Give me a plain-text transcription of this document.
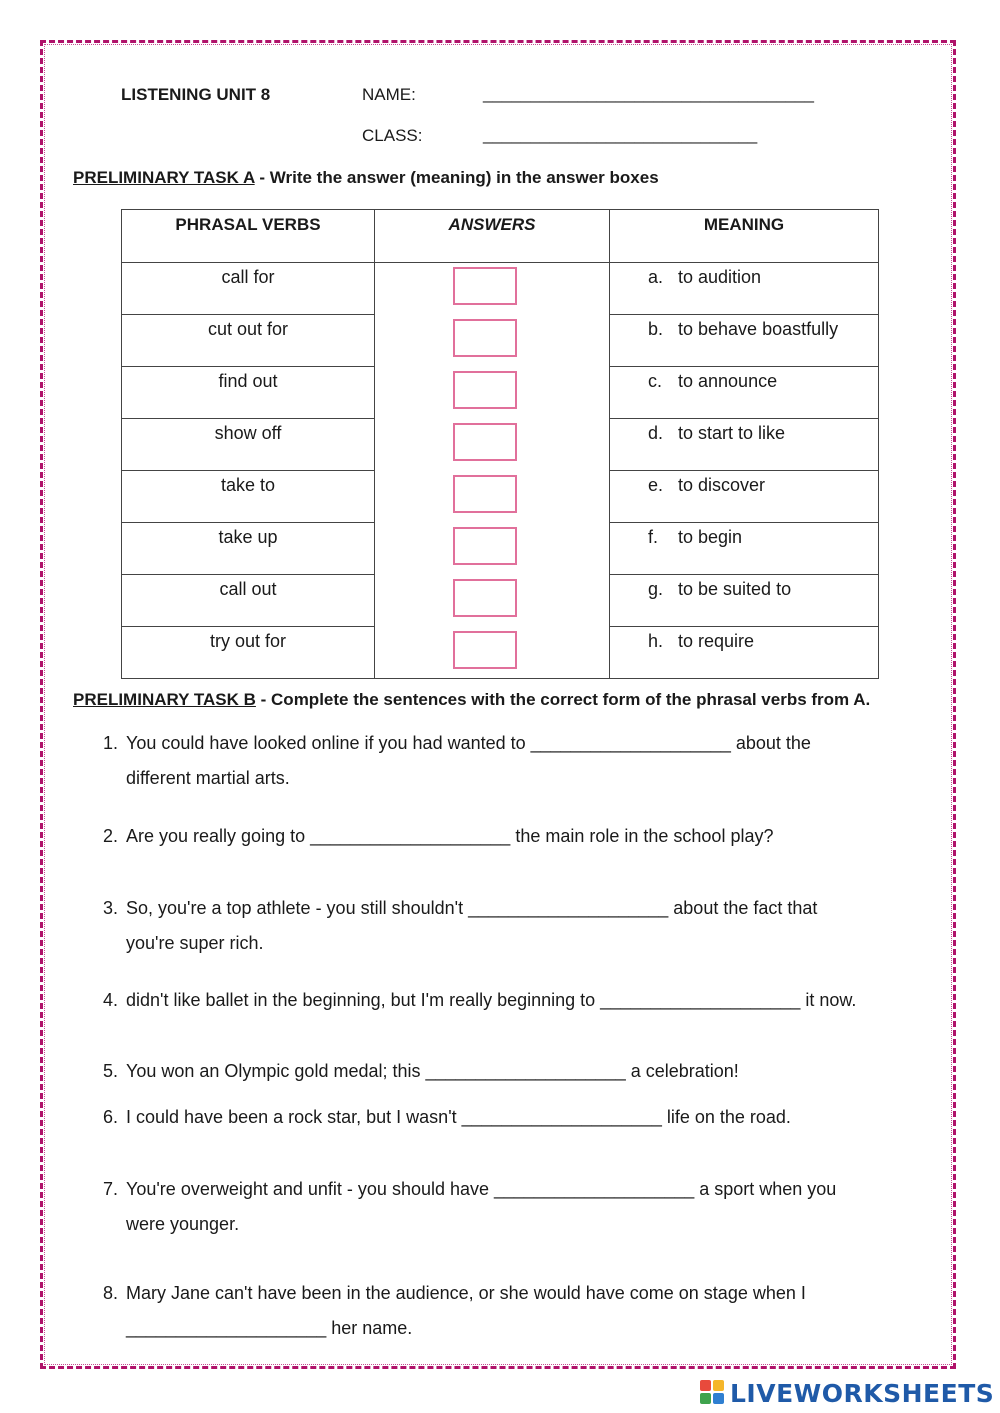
LISTENING UNIT 8	NAME:	___________________________________
CLASS:	_____________________________
PRELIMINARY TASK A - Write the answer (meaning) in the answer boxes
PHRASAL VERBS	ANSWERS	MEANING
call for		a. to audition
cut out for		b. to behave boastfully
find out		c. to announce
show off		d. to start to like
take to		e. to discover
take up		f. to begin
call out		g. to be suited to
try out for		h. to require
PRELIMINARY TASK B - Complete the sentences with the correct form of the phrasal verbs from A.
1. You could have looked online if you had wanted to ____________________ about the
different martial arts.
2. Are you really going to ____________________ the main role in the school play?
3. So, you're a top athlete - you still shouldn't ____________________ about the fact that
you're super rich.
4. didn't like ballet in the beginning, but I'm really beginning to ____________________ it now.
5. You won an Olympic gold medal; this ____________________ a celebration!
6. I could have been a rock star, but I wasn't ____________________ life on the road.
7. You're overweight and unfit - you should have ____________________ a sport when you
were younger.
8. Mary Jane can't have been in the audience, or she would have come on stage when I
____________________ her name.
LIVEWORKSHEETS
